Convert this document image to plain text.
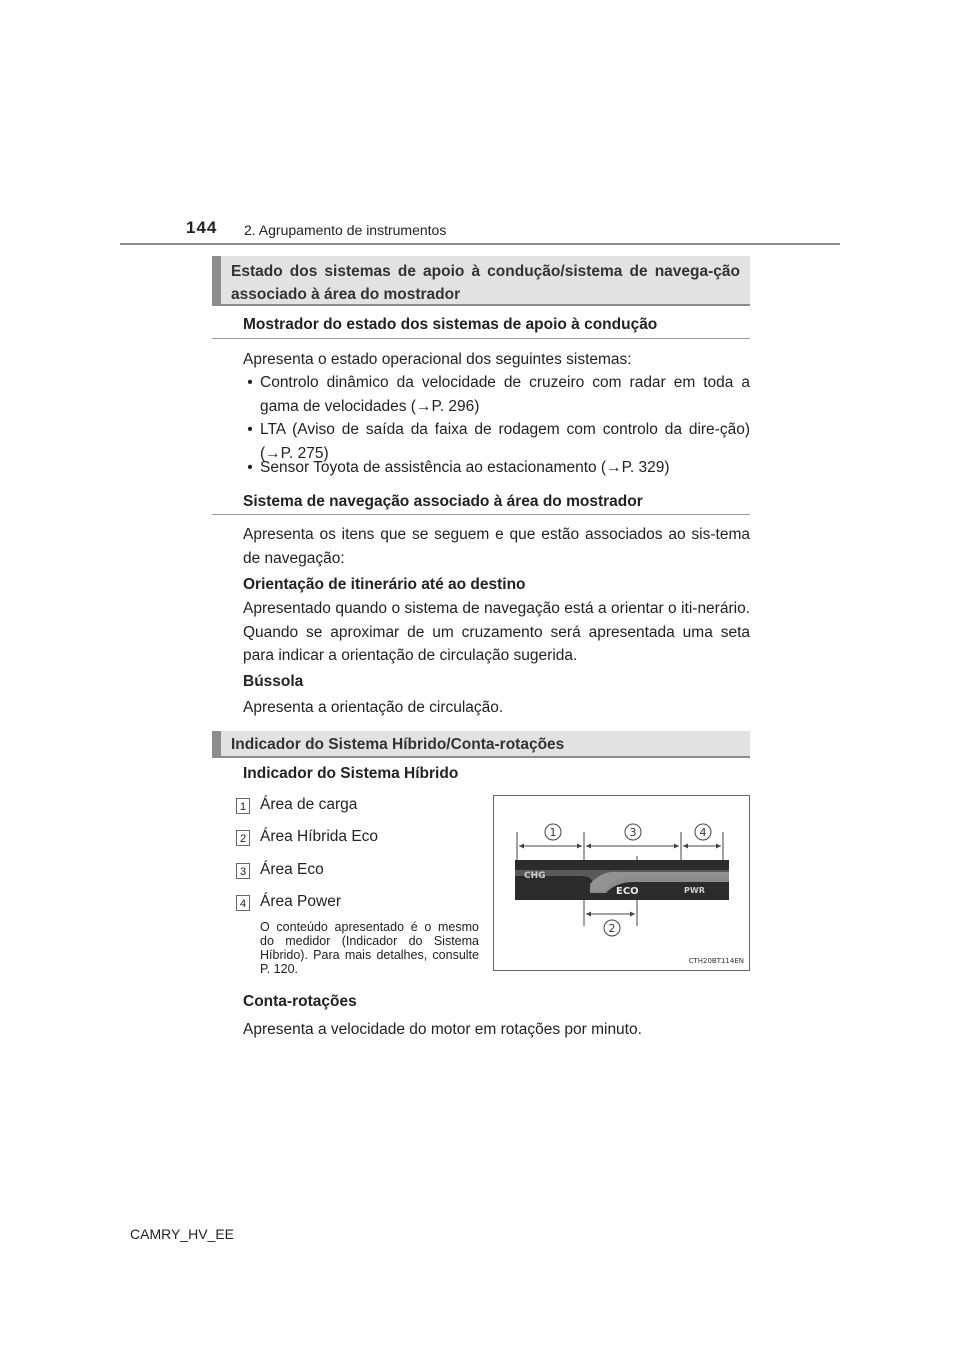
144 2. Agrupamento de instrumentos
Estado dos sistemas de apoio à condução/sistema de navega-ção associado à área do mostrador
Mostrador do estado dos sistemas de apoio à condução
Apresenta o estado operacional dos seguintes sistemas:
• Controlo dinâmico da velocidade de cruzeiro com radar em toda a gama de velocidades (→P. 296)
• LTA (Aviso de saída da faixa de rodagem com controlo da dire-ção) (→P. 275)
• Sensor Toyota de assistência ao estacionamento (→P. 329)
Sistema de navegação associado à área do mostrador
Apresenta os itens que se seguem e que estão associados ao sis-tema de navegação:
Orientação de itinerário até ao destino
Apresentado quando o sistema de navegação está a orientar o iti-nerário. Quando se aproximar de um cruzamento será apresentada uma seta para indicar a orientação de circulação sugerida.
Bússola
Apresenta a orientação de circulação.
Indicador do Sistema Híbrido/Conta-rotações
Indicador do Sistema Híbrido
1 Área de carga
2 Área Híbrida Eco
3 Área Eco
4 Área Power
O conteúdo apresentado é o mesmo do medidor (Indicador do Sistema Híbrido). Para mais detalhes, consulte P. 120.
CHG
ECO	PWR
1	3	4
2
CTH20BT114EN
Conta-rotações
Apresenta a velocidade do motor em rotações por minuto.
CAMRY_HV_EE
